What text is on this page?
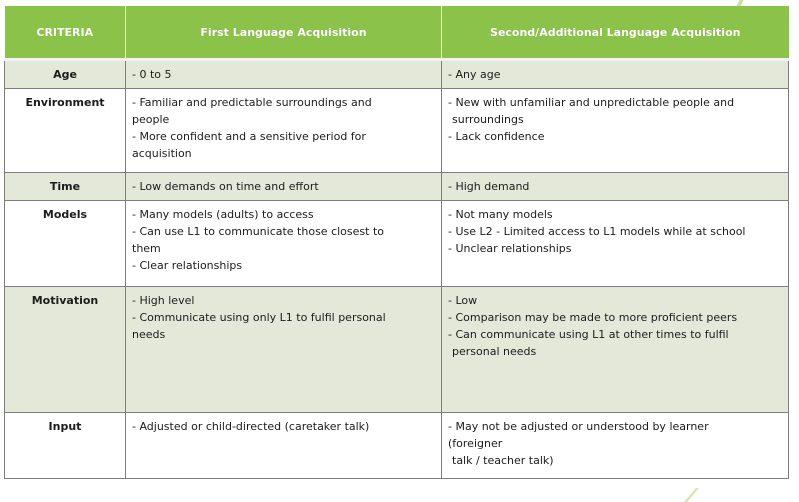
CRITERIA	First Language Acquisition	Second/Additional Language Acquisition
Age	- 0 to 5	- Any age

Environment	- Familiar and predictable surroundings and
people
- More confident and a sensitive period for
acquisition	- New with unfamiliar and unpredictable people and
surroundings
- Lack confidence

Time	- Low demands on time and effort	- High demand

Models	- Many models (adults) to access
- Can use L1 to communicate those closest to
them
- Clear relationships	- Not many models
- Use L2 - Limited access to L1 models while at school
- Unclear relationships

Motivation	- High level
- Communicate using only L1 to fulfil personal
needs	- Low
- Comparison may be made to more proficient peers
- Can communicate using L1 at other times to fulfil
personal needs

Input	- Adjusted or child-directed (caretaker talk)	- May not be adjusted or understood by learner
(foreigner
talk / teacher talk)
